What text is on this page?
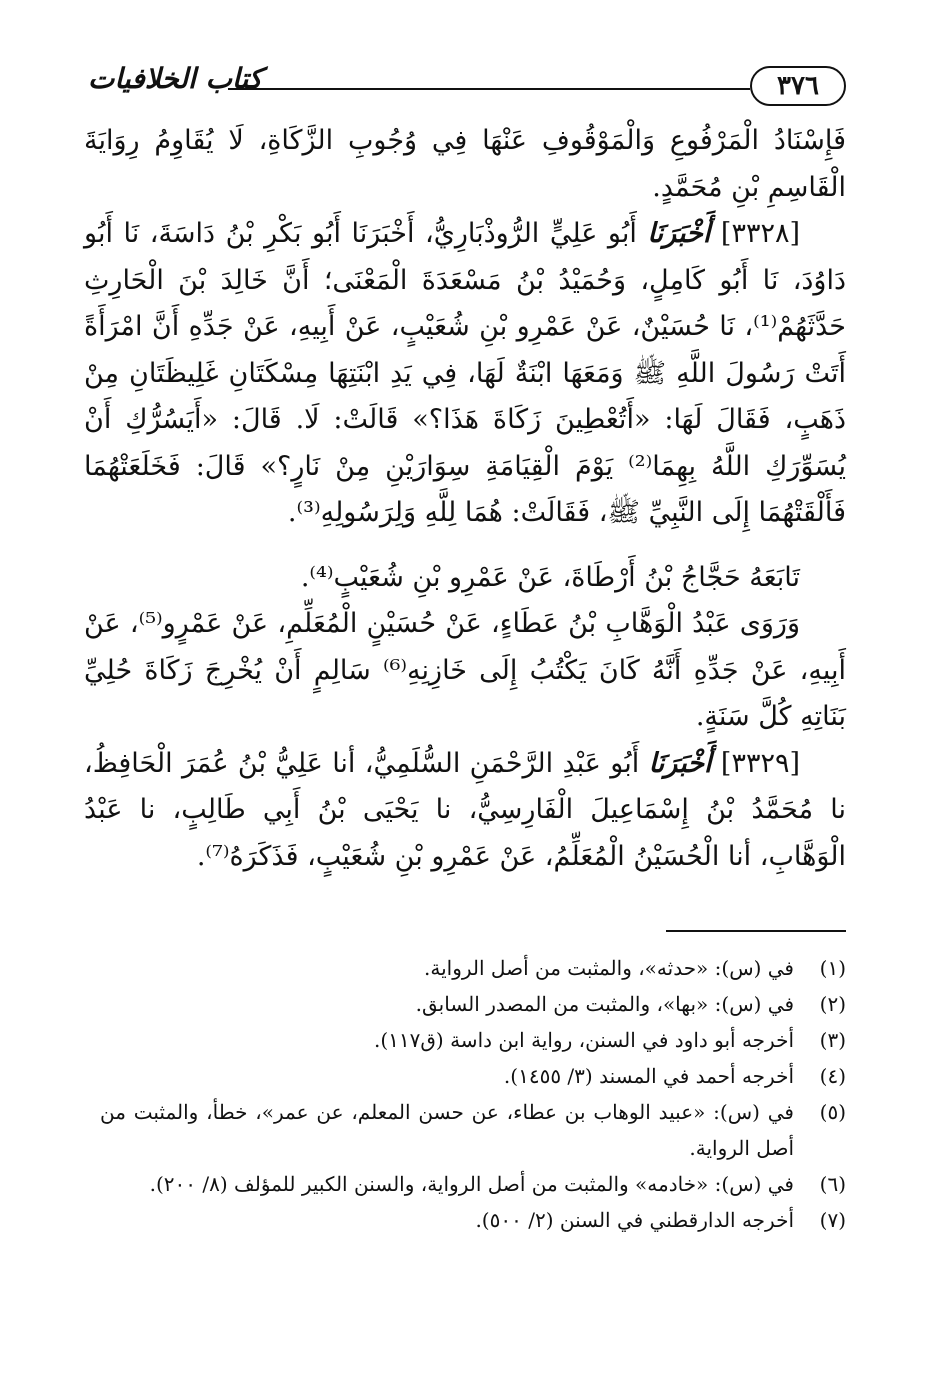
٣٧٦
كتاب الخلافيات

فَإِسْنَادُ الْمَرْفُوعِ وَالْمَوْقُوفِ عَنْهَا فِي وُجُوبِ الزَّكَاةِ، لَا يُقَاوِمُ رِوَايَةَ الْقَاسِمِ بْنِ مُحَمَّدٍ.

[٣٣٢٨] أَخْبَرَنَا أَبُو عَلِيٍّ الرُّوذْبَارِيُّ، أَخْبَرَنَا أَبُو بَكْرِ بْنُ دَاسَةَ، نَا أَبُو دَاوُدَ، نَا أَبُو كَامِلٍ، وَحُمَيْدُ بْنُ مَسْعَدَةَ الْمَعْنَى؛ أَنَّ خَالِدَ بْنَ الْحَارِثِ حَدَّثَهُمْ⁽¹⁾، نَا حُسَيْنٌ، عَنْ عَمْرِو بْنِ شُعَيْبٍ، عَنْ أَبِيهِ، عَنْ جَدِّهِ أَنَّ امْرَأَةً أَتَتْ رَسُولَ اللَّهِ ﷺ وَمَعَهَا ابْنَةٌ لَهَا، فِي يَدِ ابْنَتِهَا مِسْكَتَانِ غَلِيظَتَانِ مِنْ ذَهَبٍ، فَقَالَ لَهَا: «أَتُعْطِينَ زَكَاةَ هَذَا؟» قَالَتْ: لَا. قَالَ: «أَيَسُرُّكِ أَنْ يُسَوِّرَكِ اللَّهُ بِهِمَا⁽²⁾ يَوْمَ الْقِيَامَةِ سِوَارَيْنِ مِنْ نَارٍ؟» قَالَ: فَخَلَعَتْهُمَا فَأَلْقَتْهُمَا إِلَى النَّبِيِّ ﷺ، فَقَالَتْ: هُمَا لِلَّهِ وَلِرَسُولِهِ⁽³⁾.

تَابَعَهُ حَجَّاجُ بْنُ أَرْطَاةَ، عَنْ عَمْرِو بْنِ شُعَيْبٍ⁽⁴⁾.

وَرَوَى عَبْدُ الْوَهَّابِ بْنُ عَطَاءٍ، عَنْ حُسَيْنٍ الْمُعَلِّمِ، عَنْ عَمْرٍو⁽⁵⁾، عَنْ أَبِيهِ، عَنْ جَدِّهِ أَنَّهُ كَانَ يَكْتُبُ إِلَى خَازِنِهِ⁽⁶⁾ سَالِمٍ أَنْ يُخْرِجَ زَكَاةَ حُلِيِّ بَنَاتِهِ كُلَّ سَنَةٍ.

[٣٣٢٩] أَخْبَرَنَا أَبُو عَبْدِ الرَّحْمَنِ السُّلَمِيُّ، أنا عَلِيُّ بْنُ عُمَرَ الْحَافِظُ، نا مُحَمَّدُ بْنُ إِسْمَاعِيلَ الْفَارِسِيُّ، نا يَحْيَى بْنُ أَبِي طَالِبٍ، نا عَبْدُ الْوَهَّابِ، أنا الْحُسَيْنُ الْمُعَلِّمُ، عَنْ عَمْرِو بْنِ شُعَيْبٍ، فَذَكَرَهُ⁽⁷⁾.

(١)
في (س): «حدثه»، والمثبت من أصل الرواية.
(٢)
في (س): «بها»، والمثبت من المصدر السابق.
(٣)
أخرجه أبو داود في السنن، رواية ابن داسة (ق١١٧).
(٤)
أخرجه أحمد في المسند (٣/ ١٤٥٥).
(٥)
في (س): «عبيد الوهاب بن عطاء، عن حسن المعلم، عن عمر»، خطأ، والمثبت من أصل الرواية.
(٦)
في (س): «خادمه» والمثبت من أصل الرواية، والسنن الكبير للمؤلف (٨/ ٢٠٠).
(٧)
أخرجه الدارقطني في السنن (٢/ ٥٠٠).
